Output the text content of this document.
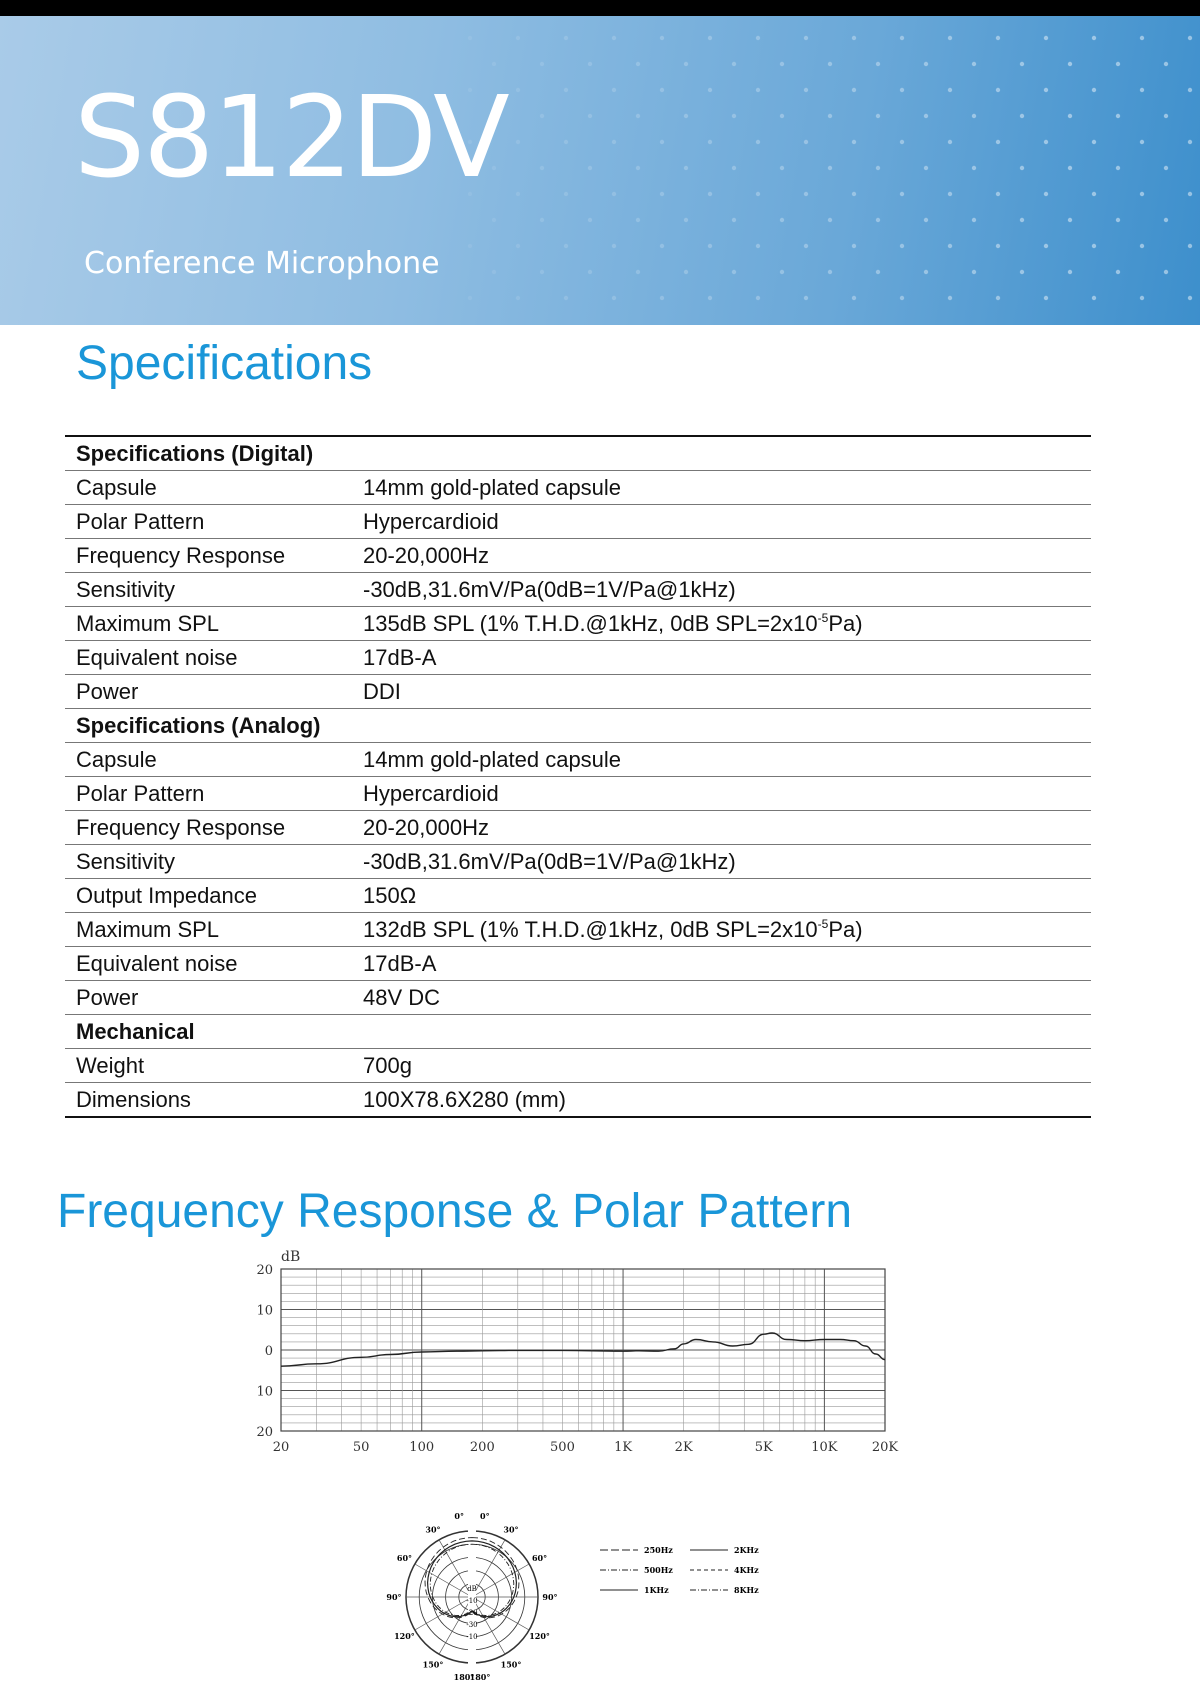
S812DV
Conference Microphone
Specifications
Specifications (Digital)	
Capsule	14mm gold-plated capsule
Polar Pattern	Hypercardioid
Frequency Response	20-20,000Hz
Sensitivity	-30dB,31.6mV/Pa(0dB=1V/Pa@1kHz)
Maximum SPL	135dB SPL (1% T.H.D.@1kHz, 0dB $SPL=2x10^{-5}Pa$)
Equivalent noise	17dB-A
Power	DDI
Specifications (Analog)	
Capsule	14mm gold-plated capsule
Polar Pattern	Hypercardioid
Frequency Response	20-20,000Hz
Sensitivity	-30dB,31.6mV/Pa(0dB=1V/Pa@1kHz)
Output Impedance	150Ω
Maximum SPL	132dB SPL (1% T.H.D.@1kHz, 0dB $SPL=2x10^{-5}Pa$)
Equivalent noise	17dB-A
Power	48V DC
Mechanical	
Weight	700g
Dimensions	100X78.6X280 (mm)
Frequency Response & Polar Pattern
20
10
0
10
20
dB
20	50	100	200	500	1K	2K	5K	10K	20K
0° 0°
30°	30°
60°	60°
90°	90°
120°	120°
150°	150°
180°
180°
dB
-10
-20
-30
-10
250Hz	2KHz
500Hz	4KHz
1KHz	8KHz
